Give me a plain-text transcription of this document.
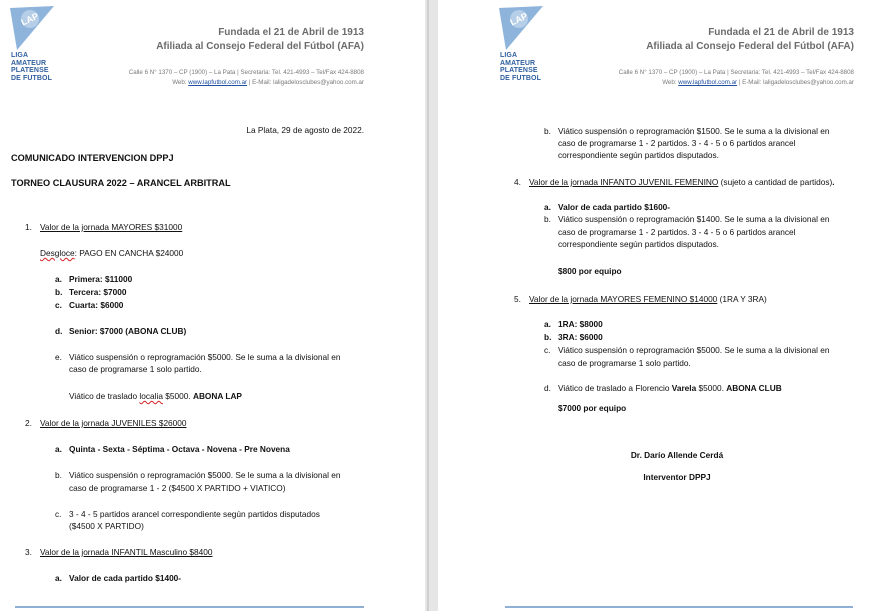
LAP
LIGA
AMATEUR
PLATENSE
DE FUTBOL
Fundada el 21 de Abril de 1913
Afiliada al Consejo Federal del Fútbol (AFA)
Calle 6 N° 1370 – CP (1900) – La Pata | Secretaria: Tel. 421-4993 – Tel/Fax 424-8808
Web: www.lapfutbol.com.ar | E-Mail: laligadelosclubes@yahoo.com.ar
La Plata, 29 de agosto de 2022.
COMUNICADO INTERVENCION DPPJ
TORNEO CLAUSURA 2022 – ARANCEL ARBITRAL
1. Valor de la jornada MAYORES $31000
Desgloce: PAGO EN CANCHA $24000
a. Primera: $11000
b. Tercera: $7000
c. Cuarta: $6000
d. Senior: $7000 (ABONA CLUB)
e. Viático suspensión o reprogramación $5000. Se le suma a la divisional en
caso de programarse 1 solo partido.
Viático de traslado localia $5000. ABONA LAP
2. Valor de la jornada JUVENILES $26000
a. Quinta - Sexta - Séptima - Octava - Novena - Pre Novena
b. Viático suspensión o reprogramación $5000. Se le suma a la divisional en
caso de programarse 1 - 2 ($4500 X PARTIDO + VIATICO)
c. 3 - 4 - 5 partidos arancel correspondiente según partidos disputados
($4500 X PARTIDO)
3. Valor de la jornada INFANTIL Masculino $8400
a. Valor de cada partido $1400-
LAP
LIGA
AMATEUR
PLATENSE
DE FUTBOL
Fundada el 21 de Abril de 1913
Afiliada al Consejo Federal del Fútbol (AFA)
Calle 6 N° 1370 – CP (1900) – La Pata | Secretaria: Tel. 421-4993 – Tel/Fax 424-8808
Web: www.lapfutbol.com.ar | E-Mail: laligadelosclubes@yahoo.com.ar
b. Viático suspensión o reprogramación $1500. Se le suma a la divisional en
caso de programarse 1 - 2 partidos. 3 - 4 - 5 o 6 partidos arancel
correspondiente según partidos disputados.
4. Valor de la jornada INFANTO JUVENIL FEMENINO (sujeto a cantidad de partidos).
a. Valor de cada partido $1600-
b. Viático suspensión o reprogramación $1400. Se le suma a la divisional en
caso de programarse 1 - 2 partidos. 3 - 4 - 5 o 6 partidos arancel
correspondiente según partidos disputados.
$800 por equipo
5. Valor de la jornada MAYORES FEMENINO $14000 (1RA Y 3RA)
a. 1RA: $8000
b. 3RA: $6000
c. Viático suspensión o reprogramación $5000. Se le suma a la divisional en
caso de programarse 1 solo partido.
d. Viático de traslado a Florencio Varela $5000. ABONA CLUB
$7000 por equipo
Dr. Darío Allende Cerdá
Interventor DPPJ
